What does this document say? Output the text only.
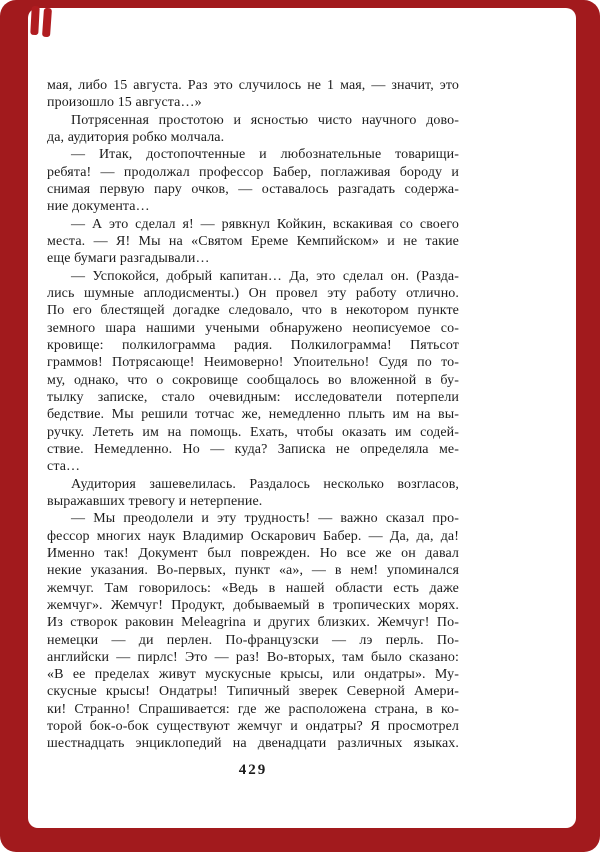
мая, либо 15 августа. Раз это случилось не 1 мая, — значит, это
произошло 15 августа…»
Потрясенная простотою и ясностью чисто научного дово-
да, аудитория робко молчала.
— Итак, достопочтенные и любознательные товарищи-
ребята! — продолжал профессор Бабер, поглаживая бороду и
снимая первую пару очков, — оставалось разгадать содержа-
ние документа…
— А это сделал я! — рявкнул Койкин, вскакивая со своего
места. — Я! Мы на «Святом Ереме Кемпийском» и не такие
еще бумаги разгадывали…
— Успокойся, добрый капитан… Да, это сделал он. (Разда-
лись шумные аплодисменты.) Он провел эту работу отлично.
По его блестящей догадке следовало, что в некотором пункте
земного шара нашими учеными обнаружено неописуемое со-
кровище: полкилограмма радия. Полкилограмма! Пятьсот
граммов! Потрясающе! Неимоверно! Упоительно! Судя по то-
му, однако, что о сокровище сообщалось во вложенной в бу-
тылку записке, стало очевидным: исследователи потерпели
бедствие. Мы решили тотчас же, немедленно плыть им на вы-
ручку. Лететь им на помощь. Ехать, чтобы оказать им содей-
ствие. Немедленно. Но — куда? Записка не определяла ме-
ста…
Аудитория зашевелилась. Раздалось несколько возгласов,
выражавших тревогу и нетерпение.
— Мы преодолели и эту трудность! — важно сказал про-
фессор многих наук Владимир Оскарович Бабер. — Да, да, да!
Именно так! Документ был поврежден. Но все же он давал
некие указания. Во-первых, пункт «а», — в нем! упоминался
жемчуг. Там говорилось: «Ведь в нашей области есть даже
жемчуг». Жемчуг! Продукт, добываемый в тропических морях.
Из створок раковин Meleagrina и других близких. Жемчуг! По-
немецки — ди перлен. По-французски — лэ перль. По-
английски — пирлс! Это — раз! Во-вторых, там было сказано:
«В ее пределах живут мускусные крысы, или ондатры». Му-
скусные крысы! Ондатры! Типичный зверек Северной Амери-
ки! Странно! Спрашивается: где же расположена страна, в ко-
торой бок-о-бок существуют жемчуг и ондатры? Я просмотрел
шестнадцать энциклопедий на двенадцати различных языках.
429
